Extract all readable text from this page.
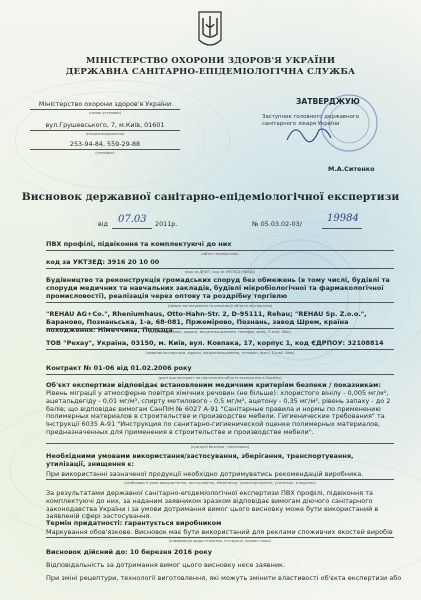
МІНІСТЕРСТВО ОХОРОНИ ЗДОРОВ'Я УКРАЇНИ
ДЕРЖАВНА САНІТАРНО-ЕПІДЕМІОЛОГІЧНА СЛУЖБА
Міністерство охорони здоров'я України
(назва установи)
вул.Грушевського, 7, м.Київ, 01601
(місцезнаходження)
253-94-84, 559-29-88
(телефон)
ЗАТВЕРДЖУЮ
Заступник головного державного санітарного лікаря України
М.А.Ситенко
Висновок державної санітарно-епідеміологічної експертизи
від 07.03 2011р.	№ 05.03.02-03/	19984
ПВХ профілі, підвіконня та комплектуючі до них
(об'єкт експертизи)
код за УКТЗЕД: 3916 20 10 00
(код за ДКПП, код за УКТЗЕД (КВЕД))
Будівництво та реконструкція громадських споруд без обмежень (в тому числі, будівлі та споруди медичних та навчальних закладів, будівлі мікробіологічної та фармакологічної промисловості), реалізація через оптову та роздрібну торгівлю
(сфера застосування та реалізації об'єкта експертизи)
"REHAU AG+Co.", Rheniumhaus, Otto-Hahn-Str. 2, D-95111, Rehau; "REHAU Sp. Z.o.o.", Бараново, Познаньська, 1-а, 68-081, Пржемірово, Познань, завод Шрем, країна походження: Німеччина, Польща
(країна виробник, адреса, місцезнаходження, телефон, факс, E-mail, Web)
ТОВ "Рехау", Україна, 03150, м. Київ, вул. Ковпака, 17, корпус 1, код ЄДРПОУ: 32108814
(заявник експертизи, адреса, місцезнаходження, телефон, факс, E-mail, Web)
Контракт № 01-06 від 01.02.2006 року
(дані про контракт на постачання об'єкта експертизи в Україну)
Об'єкт експертизи відповідає встановленим медичним критеріям безпеки / показникам:
Рівень міграції у атмосферне повітря хімічних речовин (не більше): хлористого вінілу - 0,005 мг/м³, ацетальдегіду - 0,01 мг/м³, спирту метилового - 0,5 мг/м³, ацетону - 0,35 мг/м³, рівень запаху - до 2 балів; що відповідає вимогам СанПіН № 6027 А-91 "Санітарные правила и нормы по применению полимерных материалов в строительстве и производстве мебели. Гигиенические требования" та Інструкції 6035 А-91 "Инструкция по санитарно-гигиенической оценке полимерных материалов, предназначенных для применения в строительстве и производстве мебели".
(критерії безпеки / показники)
Необхідними умовами використання/застосування, зберігання, транспортування, утилізації, знищення є:
При використанні зазначеної продукції необхідно дотримуватись рекомендацій виробника.
(особливості умов використання, застосування, зберігання, транспортування, утилізації, знищення)
За результатами державної санітарно-епідеміологічної експертизи ПВХ профілі, підвіконня та комплектуючі до них, за наданим заявником зразком відповідає вимогам діючого санітарного законодавства України і за умови дотримання вимог цього висновку може бути використаний в заявленій сфері застосування.
Термін придатності: гарантується виробником
Маркування обов'язкове. Висновок має бути використаний для реклами споживчих якостей виробів
(інформація щодо етикетки, інструкції, правил тощо)
Висновок дійсний до: 10 березня 2016 року
Відповідальність за дотримання вимог цього висновку несе заявник.
При зміні рецептури, технології виготовлення, які можуть змінити властивості об'єкта експертизи або
